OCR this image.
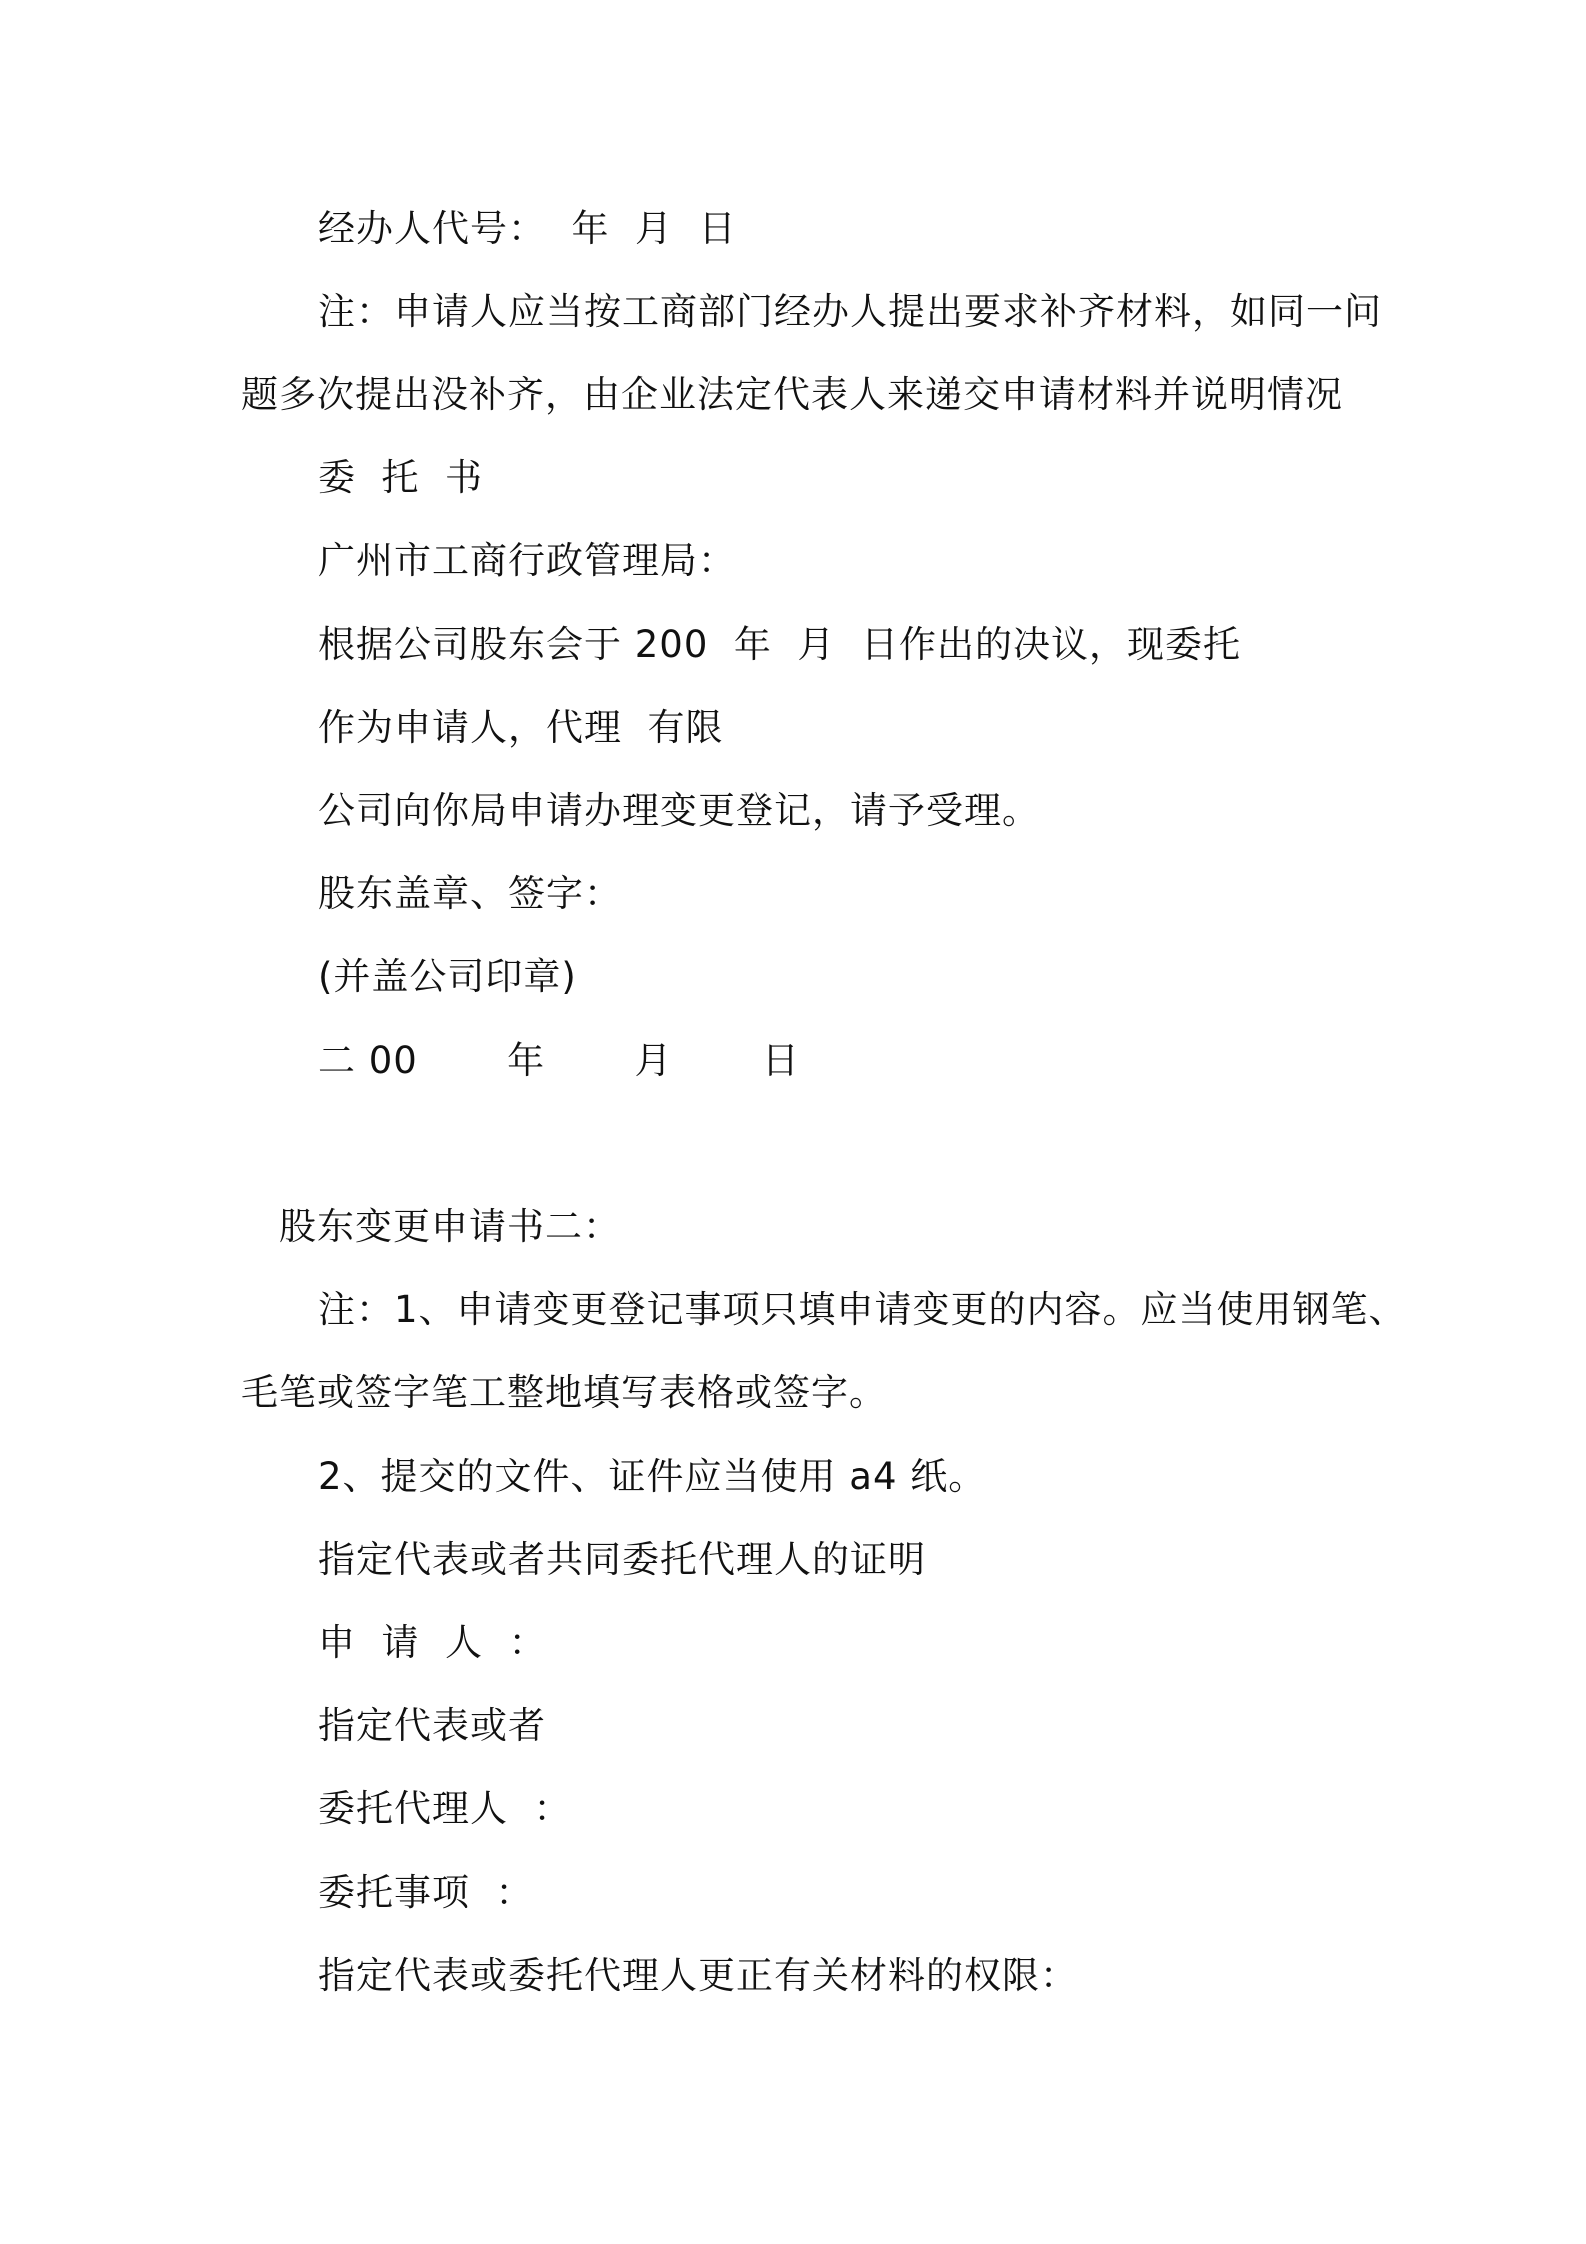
经办人代号：  年  月  日
注：申请人应当按工商部门经办人提出要求补齐材料，如同一问
题多次提出没补齐，由企业法定代表人来递交申请材料并说明情况
委  托  书
广州市工商行政管理局：
根据公司股东会于 200  年  月  日作出的决议，现委托
作为申请人，代理  有限
公司向你局申请办理变更登记，请予受理。
股东盖章、签字：
(并盖公司印章)
二 00       年       月       日
股东变更申请书二：
注：1、申请变更登记事项只填申请变更的内容。应当使用钢笔、
毛笔或签字笔工整地填写表格或签字。
2、提交的文件、证件应当使用 a4 纸。
指定代表或者共同委托代理人的证明
申  请  人  ：
指定代表或者
委托代理人  ：
委托事项  ：
指定代表或委托代理人更正有关材料的权限：
